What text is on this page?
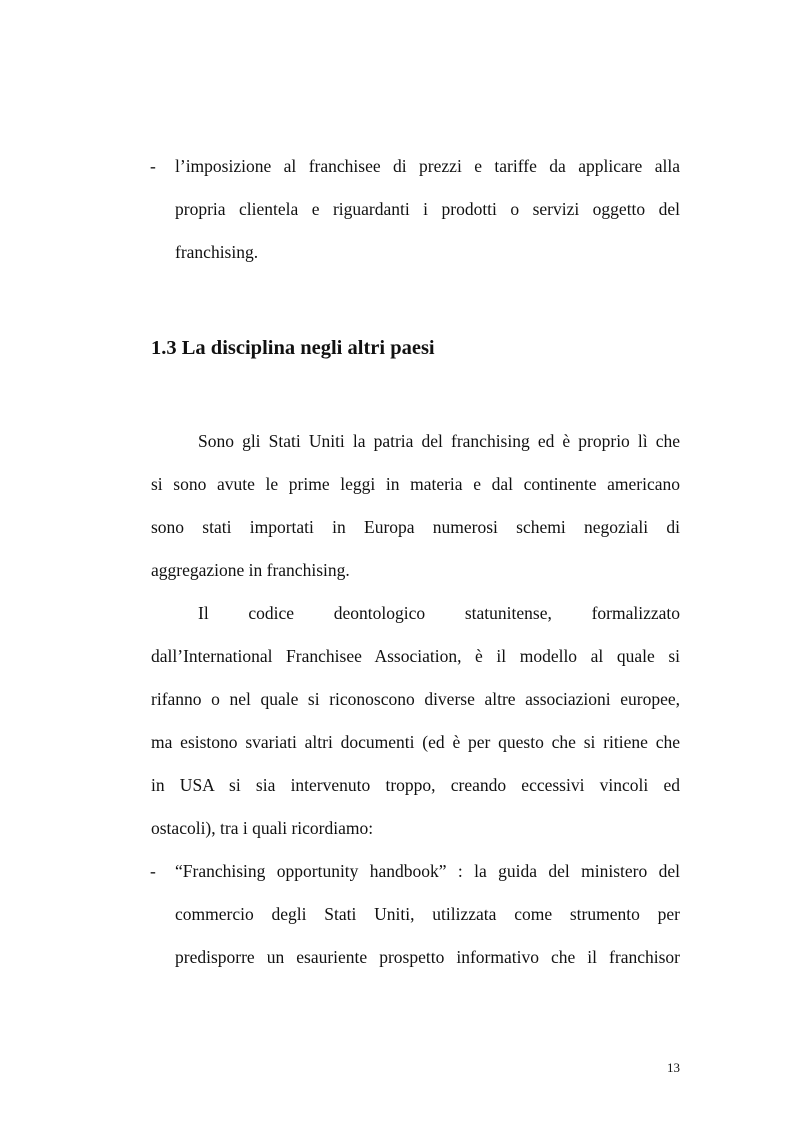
- l’imposizione al franchisee di prezzi e tariffe da applicare alla
propria clientela e riguardanti i prodotti o servizi oggetto del
franchising.
1.3 La disciplina negli altri paesi
Sono gli Stati Uniti la patria del franchising ed è proprio lì che
si sono avute le prime leggi in materia e dal continente americano
sono stati importati in Europa numerosi schemi negoziali di
aggregazione in franchising.
Il codice deontologico statunitense, formalizzato
dall’International Franchisee Association, è il modello al quale si
rifanno o nel quale si riconoscono diverse altre associazioni europee,
ma esistono svariati altri documenti (ed è per questo che si ritiene che
in USA si sia intervenuto troppo, creando eccessivi vincoli ed
ostacoli), tra i quali ricordiamo:
- “Franchising opportunity handbook” : la guida del ministero del
commercio degli Stati Uniti, utilizzata come strumento per
predisporre un esauriente prospetto informativo che il franchisor
13
